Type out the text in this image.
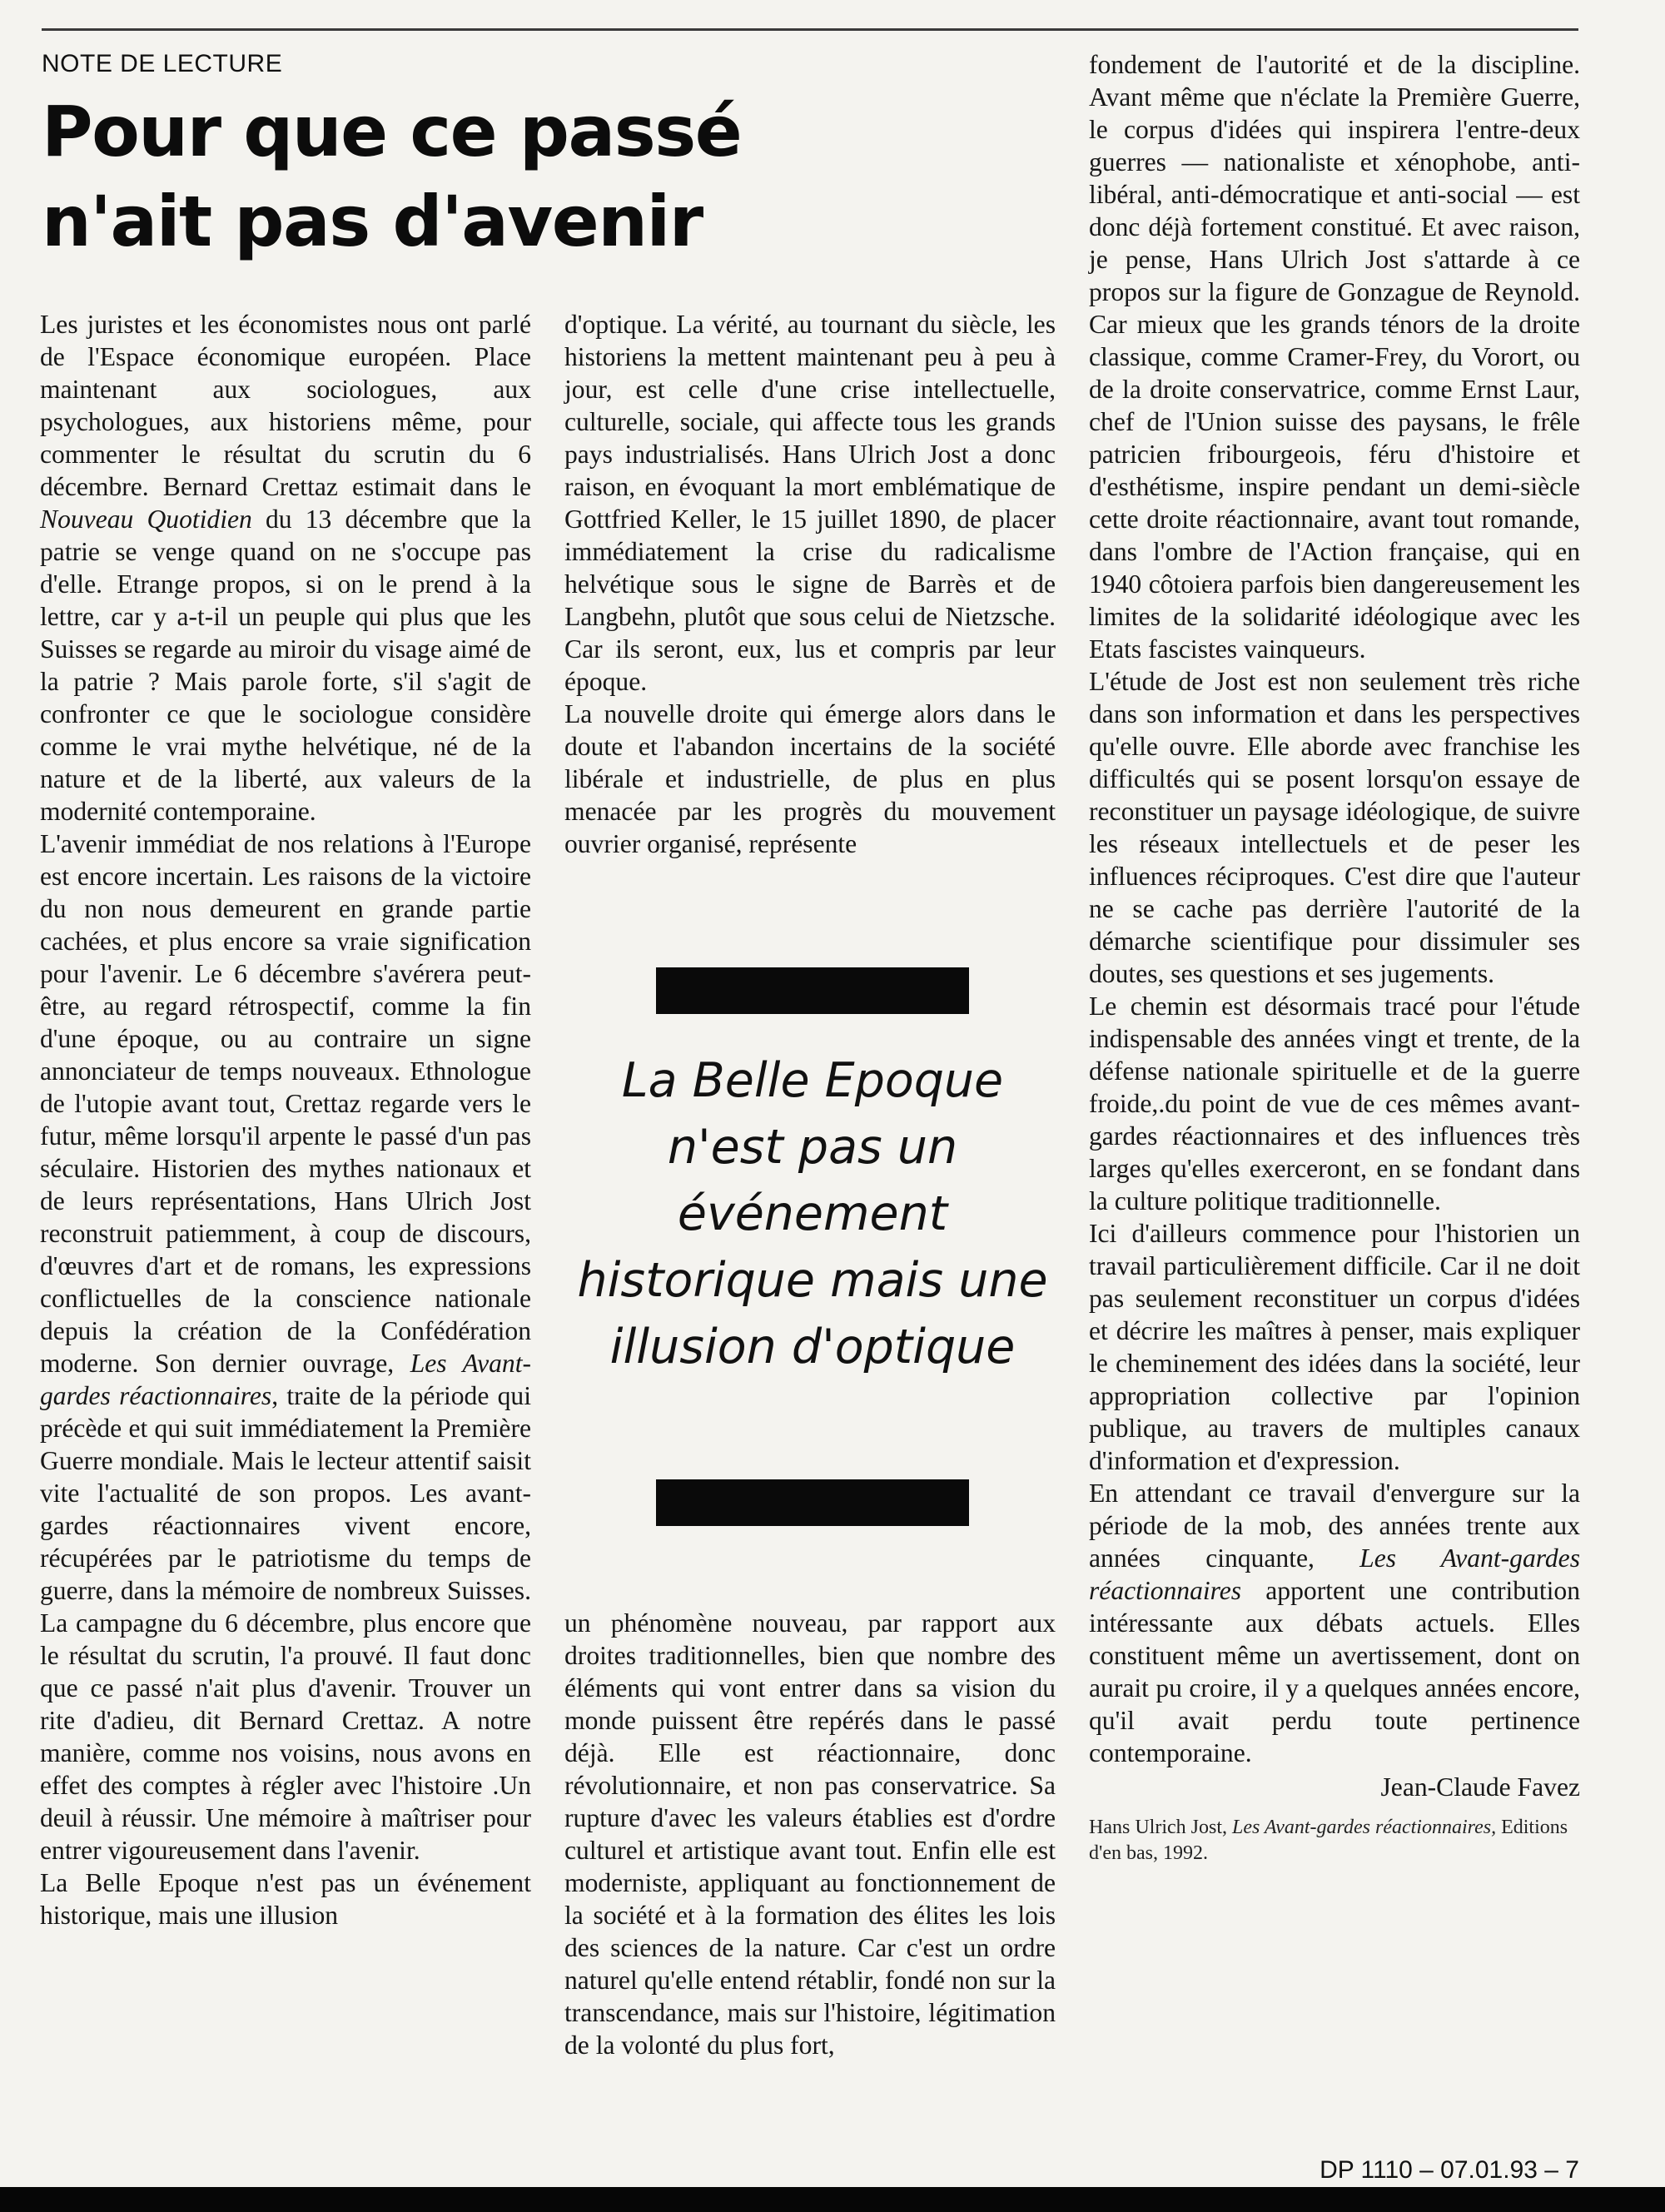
NOTE DE LECTURE
Pour que ce passé
n'ait pas d'avenir

Les juristes et les économistes nous ont parlé de l'Espace économique européen. Place maintenant aux sociologues, aux psychologues, aux historiens même, pour commenter le résultat du scrutin du 6 décembre. Bernard Crettaz estimait dans le Nouveau Quotidien du 13 décembre que la patrie se venge quand on ne s'occupe pas d'elle. Etrange propos, si on le prend à la lettre, car y a-t-il un peuple qui plus que les Suisses se regarde au miroir du visage aimé de la patrie ? Mais parole forte, s'il s'agit de confronter ce que le sociologue considère comme le vrai mythe helvétique, né de la nature et de la liberté, aux valeurs de la modernité contemporaine.

L'avenir immédiat de nos relations à l'Europe est encore incertain. Les raisons de la victoire du non nous demeurent en grande partie cachées, et plus encore sa vraie signification pour l'avenir. Le 6 décembre s'avérera peut-être, au regard rétrospectif, comme la fin d'une époque, ou au contraire un signe annonciateur de temps nouveaux. Ethnologue de l'utopie avant tout, Crettaz regarde vers le futur, même lorsqu'il arpente le passé d'un pas séculaire. Historien des mythes nationaux et de leurs représentations, Hans Ulrich Jost reconstruit patiemment, à coup de discours, d'œuvres d'art et de romans, les expressions conflictuelles de la conscience nationale depuis la création de la Confédération moderne. Son dernier ouvrage, Les Avant-gardes réactionnaires, traite de la période qui précède et qui suit immédiatement la Première Guerre mondiale. Mais le lecteur attentif saisit vite l'actualité de son propos. Les avant-gardes réactionnaires vivent encore, récupérées par le patriotisme du temps de guerre, dans la mémoire de nombreux Suisses. La campagne du 6 décembre, plus encore que le résultat du scrutin, l'a prouvé. Il faut donc que ce passé n'ait plus d'avenir. Trouver un rite d'adieu, dit Bernard Crettaz. A notre manière, comme nos voisins, nous avons en effet des comptes à régler avec l'histoire .Un deuil à réussir. Une mémoire à maîtriser pour entrer vigoureusement dans l'avenir.

La Belle Epoque n'est pas un événement historique, mais une illusion

d'optique. La vérité, au tournant du siècle, les historiens la mettent maintenant peu à peu à jour, est celle d'une crise intellectuelle, culturelle, sociale, qui affecte tous les grands pays industrialisés. Hans Ulrich Jost a donc raison, en évoquant la mort emblématique de Gottfried Keller, le 15 juillet 1890, de placer immédiatement la crise du radicalisme helvétique sous le signe de Barrès et de Langbehn, plutôt que sous celui de Nietzsche. Car ils seront, eux, lus et compris par leur époque.

La nouvelle droite qui émerge alors dans le doute et l'abandon incertains de la société libérale et industrielle, de plus en plus menacée par les progrès du mouvement ouvrier organisé, représente

La Belle Epoque n'est pas un événement historique mais une illusion d'optique

un phénomène nouveau, par rapport aux droites traditionnelles, bien que nombre des éléments qui vont entrer dans sa vision du monde puissent être repérés dans le passé déjà. Elle est réactionnaire, donc révolutionnaire, et non pas conservatrice. Sa rupture d'avec les valeurs établies est d'ordre culturel et artistique avant tout. Enfin elle est moderniste, appliquant au fonctionnement de la société et à la formation des élites les lois des sciences de la nature. Car c'est un ordre naturel qu'elle entend rétablir, fondé non sur la transcendance, mais sur l'histoire, légitimation de la volonté du plus fort,

fondement de l'autorité et de la discipline. Avant même que n'éclate la Première Guerre, le corpus d'idées qui inspirera l'entre-deux guerres — nationaliste et xénophobe, anti-libéral, anti-démocratique et anti-social — est donc déjà fortement constitué. Et avec raison, je pense, Hans Ulrich Jost s'attarde à ce propos sur la figure de Gonzague de Reynold. Car mieux que les grands ténors de la droite classique, comme Cramer-Frey, du Vorort, ou de la droite conservatrice, comme Ernst Laur, chef de l'Union suisse des paysans, le frêle patricien fribourgeois, féru d'histoire et d'esthétisme, inspire pendant un demi-siècle cette droite réactionnaire, avant tout romande, dans l'ombre de l'Action française, qui en 1940 côtoiera parfois bien dangereusement les limites de la solidarité idéologique avec les Etats fascistes vainqueurs.

L'étude de Jost est non seulement très riche dans son information et dans les perspectives qu'elle ouvre. Elle aborde avec franchise les difficultés qui se posent lorsqu'on essaye de reconstituer un paysage idéologique, de suivre les réseaux intellectuels et de peser les influences réciproques. C'est dire que l'auteur ne se cache pas derrière l'autorité de la démarche scientifique pour dissimuler ses doutes, ses questions et ses jugements.

Le chemin est désormais tracé pour l'étude indispensable des années vingt et trente, de la défense nationale spirituelle et de la guerre froide,.du point de vue de ces mêmes avant-gardes réactionnaires et des influences très larges qu'elles exerceront, en se fondant dans la culture politique traditionnelle.

Ici d'ailleurs commence pour l'historien un travail particulièrement difficile. Car il ne doit pas seulement reconstituer un corpus d'idées et décrire les maîtres à penser, mais expliquer le cheminement des idées dans la société, leur appropriation collective par l'opinion publique, au travers de multiples canaux d'information et d'expression.

En attendant ce travail d'envergure sur la période de la mob, des années trente aux années cinquante, Les Avant-gardes réactionnaires apportent une contribution intéressante aux débats actuels. Elles constituent même un avertissement, dont on aurait pu croire, il y a quelques années encore, qu'il avait perdu toute pertinence contemporaine.

Jean-Claude Favez
Hans Ulrich Jost, Les Avant-gardes réactionnaires, Editions d'en bas, 1992.
DP 1110 – 07.01.93 – 7
